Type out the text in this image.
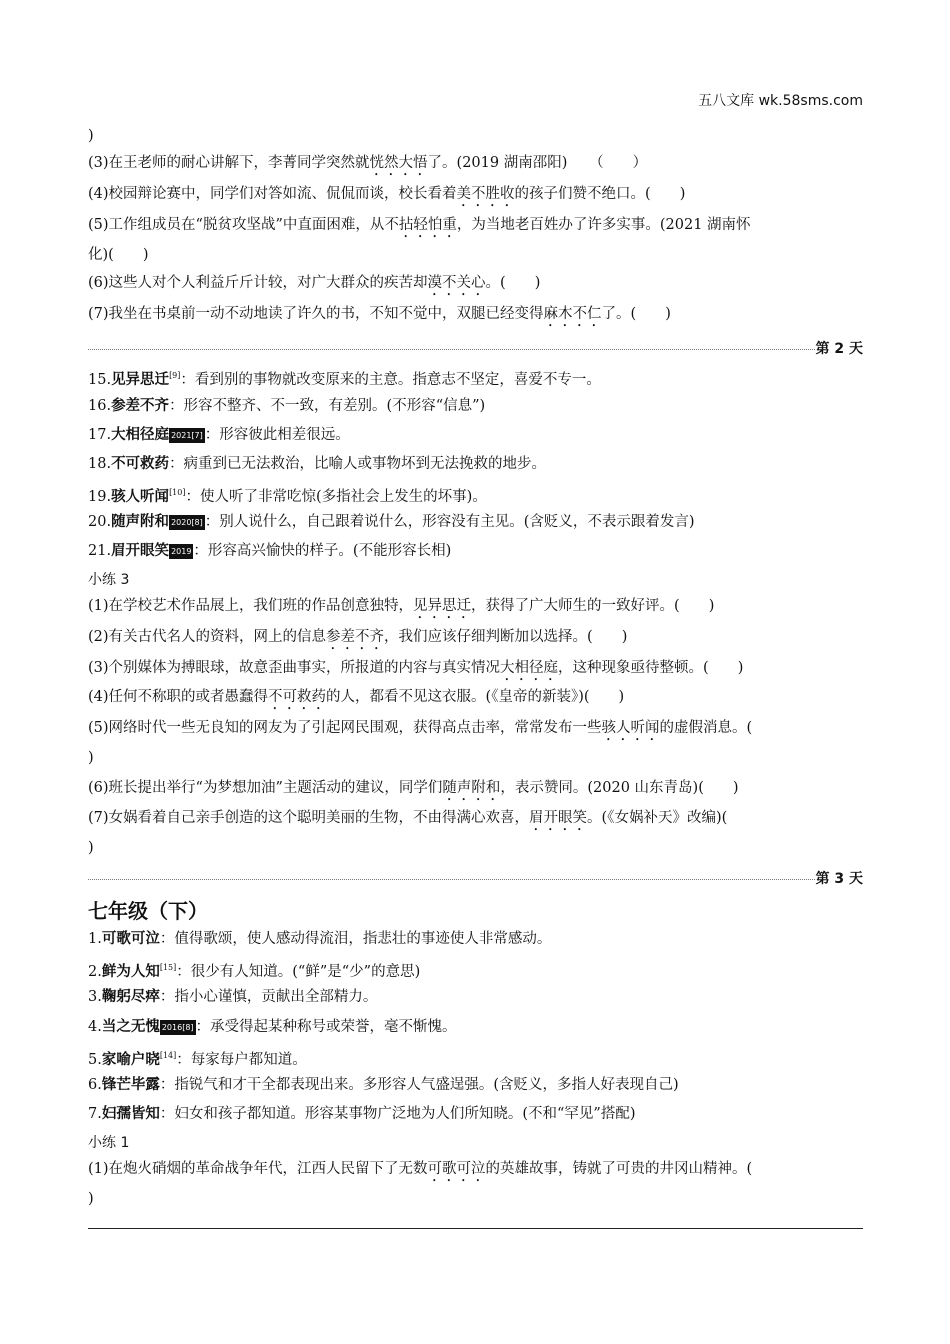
五八文库 wk.58sms.com
)
(3)在王老师的耐心讲解下，李菁同学突然就恍然大悟了。(2019 湖南邵阳)　　（　　）
(4)校园辩论赛中，同学们对答如流、侃侃而谈，校长看着美不胜收的孩子们赞不绝口。(　　)
(5)工作组成员在“脱贫攻坚战”中直面困难，从不拈轻怕重，为当地老百姓办了许多实事。(2021 湖南怀
化)(　　)
(6)这些人对个人利益斤斤计较，对广大群众的疾苦却漠不关心。(　　)
(7)我坐在书桌前一动不动地读了许久的书，不知不觉中，双腿已经变得麻木不仁了。(　　)
第 2 天
15.见异思迁[9]：看到别的事物就改变原来的主意。指意志不坚定，喜爱不专一。
16.参差不齐：形容不整齐、不一致，有差别。(不形容“信息”)
17.大相径庭 2021[7] ：形容彼此相差很远。
18.不可救药：病重到已无法救治，比喻人或事物坏到无法挽救的地步。
19.骇人听闻[10]：使人听了非常吃惊(多指社会上发生的坏事)。
20.随声附和 2020[8] ：别人说什么，自己跟着说什么，形容没有主见。(含贬义，不表示跟着发言)
21.眉开眼笑 2019 ：形容高兴愉快的样子。(不能形容长相)
小练 3
(1)在学校艺术作品展上，我们班的作品创意独特，见异思迁，获得了广大师生的一致好评。(　　)
(2)有关古代名人的资料，网上的信息参差不齐，我们应该仔细判断加以选择。(　　)
(3)个别媒体为搏眼球，故意歪曲事实，所报道的内容与真实情况大相径庭，这种现象亟待整顿。(　　)
(4)任何不称职的或者愚蠢得不可救药的人，都看不见这衣服。(《皇帝的新装》)(　　)
(5)网络时代一些无良知的网友为了引起网民围观，获得高点击率，常常发布一些骇人听闻的虚假消息。(
)
(6)班长提出举行“为梦想加油”主题活动的建议，同学们随声附和，表示赞同。(2020 山东青岛)(　　)
(7)女娲看着自己亲手创造的这个聪明美丽的生物，不由得满心欢喜，眉开眼笑。(《女娲补天》改编)(
)
第 3 天
七年级（下）
1.可歌可泣：值得歌颂，使人感动得流泪，指悲壮的事迹使人非常感动。
2.鲜为人知[15]：很少有人知道。(“鲜”是“少”的意思)
3.鞠躬尽瘁：指小心谨慎，贡献出全部精力。
4.当之无愧 2016[8] ：承受得起某种称号或荣誉，毫不惭愧。
5.家喻户晓[14]：每家每户都知道。
6.锋芒毕露：指锐气和才干全都表现出来。多形容人气盛逞强。(含贬义，多指人好表现自己)
7.妇孺皆知：妇女和孩子都知道。形容某事物广泛地为人们所知晓。(不和“罕见”搭配)
小练 1
(1)在炮火硝烟的革命战争年代，江西人民留下了无数可歌可泣的英雄故事，铸就了可贵的井冈山精神。(
)
